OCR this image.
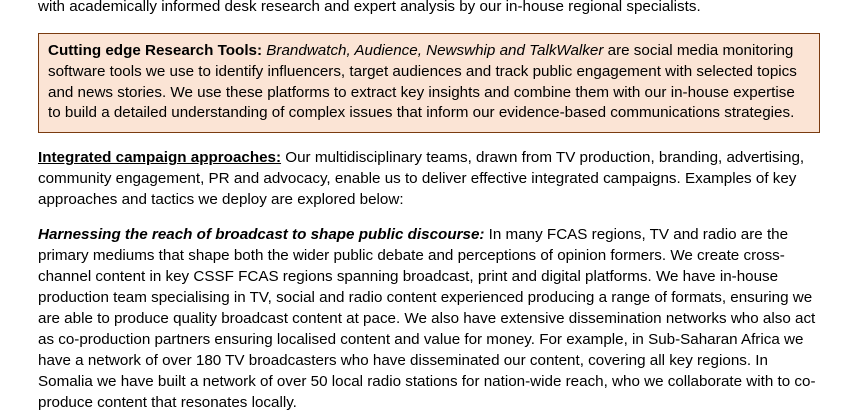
with academically informed desk research and expert analysis by our in-house regional specialists.

Cutting edge Research Tools: Brandwatch, Audience, Newswhip and TalkWalker are social media monitoring software tools we use to identify influencers, target audiences and track public engagement with selected topics and news stories. We use these platforms to extract key insights and combine them with our in-house expertise to build a detailed understanding of complex issues that inform our evidence-based communications strategies.

Integrated campaign approaches: Our multidisciplinary teams, drawn from TV production, branding, advertising, community engagement, PR and advocacy, enable us to deliver effective integrated campaigns. Examples of key approaches and tactics we deploy are explored below:

Harnessing the reach of broadcast to shape public discourse: In many FCAS regions, TV and radio are the primary mediums that shape both the wider public debate and perceptions of opinion formers. We create cross-channel content in key CSSF FCAS regions spanning broadcast, print and digital platforms. We have in-house production team specialising in TV, social and radio content experienced producing a range of formats, ensuring we are able to produce quality broadcast content at pace. We also have extensive dissemination networks who also act as co-production partners ensuring localised content and value for money. For example, in Sub-Saharan Africa we have a network of over 180 TV broadcasters who have disseminated our content, covering all key regions. In Somalia we have built a network of over 50 local radio stations for nation-wide reach, who we collaborate with to co-produce content that resonates locally.
